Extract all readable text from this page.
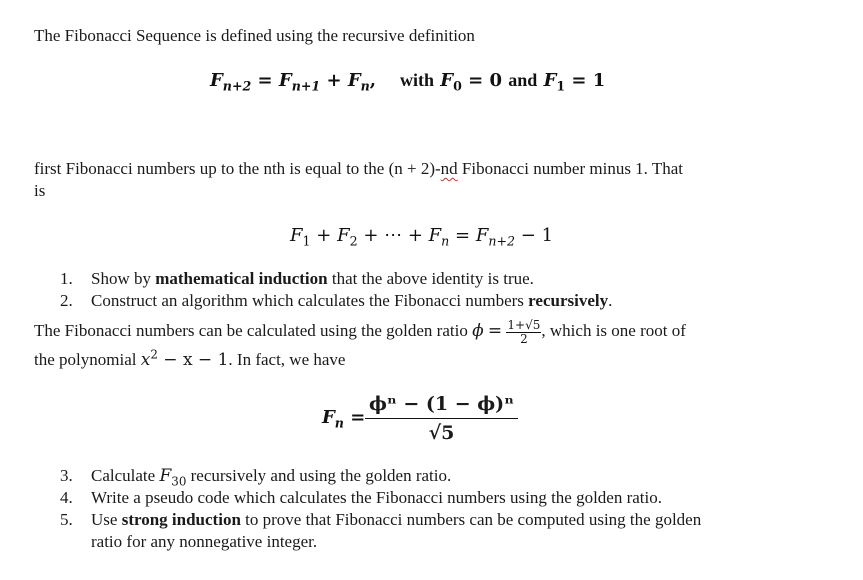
The Fibonacci Sequence is defined using the recursive definition
$F_{n+2} = F_{n+1} + F_n$, with $F_0 = 0$ and $F_1 = 1$
first Fibonacci numbers up to the nth is equal to the (n + 2)-nd Fibonacci number minus 1. That
is
$F_1 + F_2$ + ⋯ + $F_n = F_{n+2} - 1$
1. Show by mathematical induction that the above identity is true.
2. Construct an algorithm which calculates the Fibonacci numbers recursively.
The Fibonacci numbers can be calculated using the golden ratio $\phi = \frac{1+√5}{2}$ , which is one root of
the polynomial $x^2 - x - 1$. In fact, we have
$F_n = \frac{\text{ϕⁿ − (1 − ϕ)ⁿ}}{√5}$
3. Calculate $F_{30}$ recursively and using the golden ratio.
4. Write a pseudo code which calculates the Fibonacci numbers using the golden ratio.
5. Use strong induction to prove that Fibonacci numbers can be computed using the golden
ratio for any nonnegative integer.
